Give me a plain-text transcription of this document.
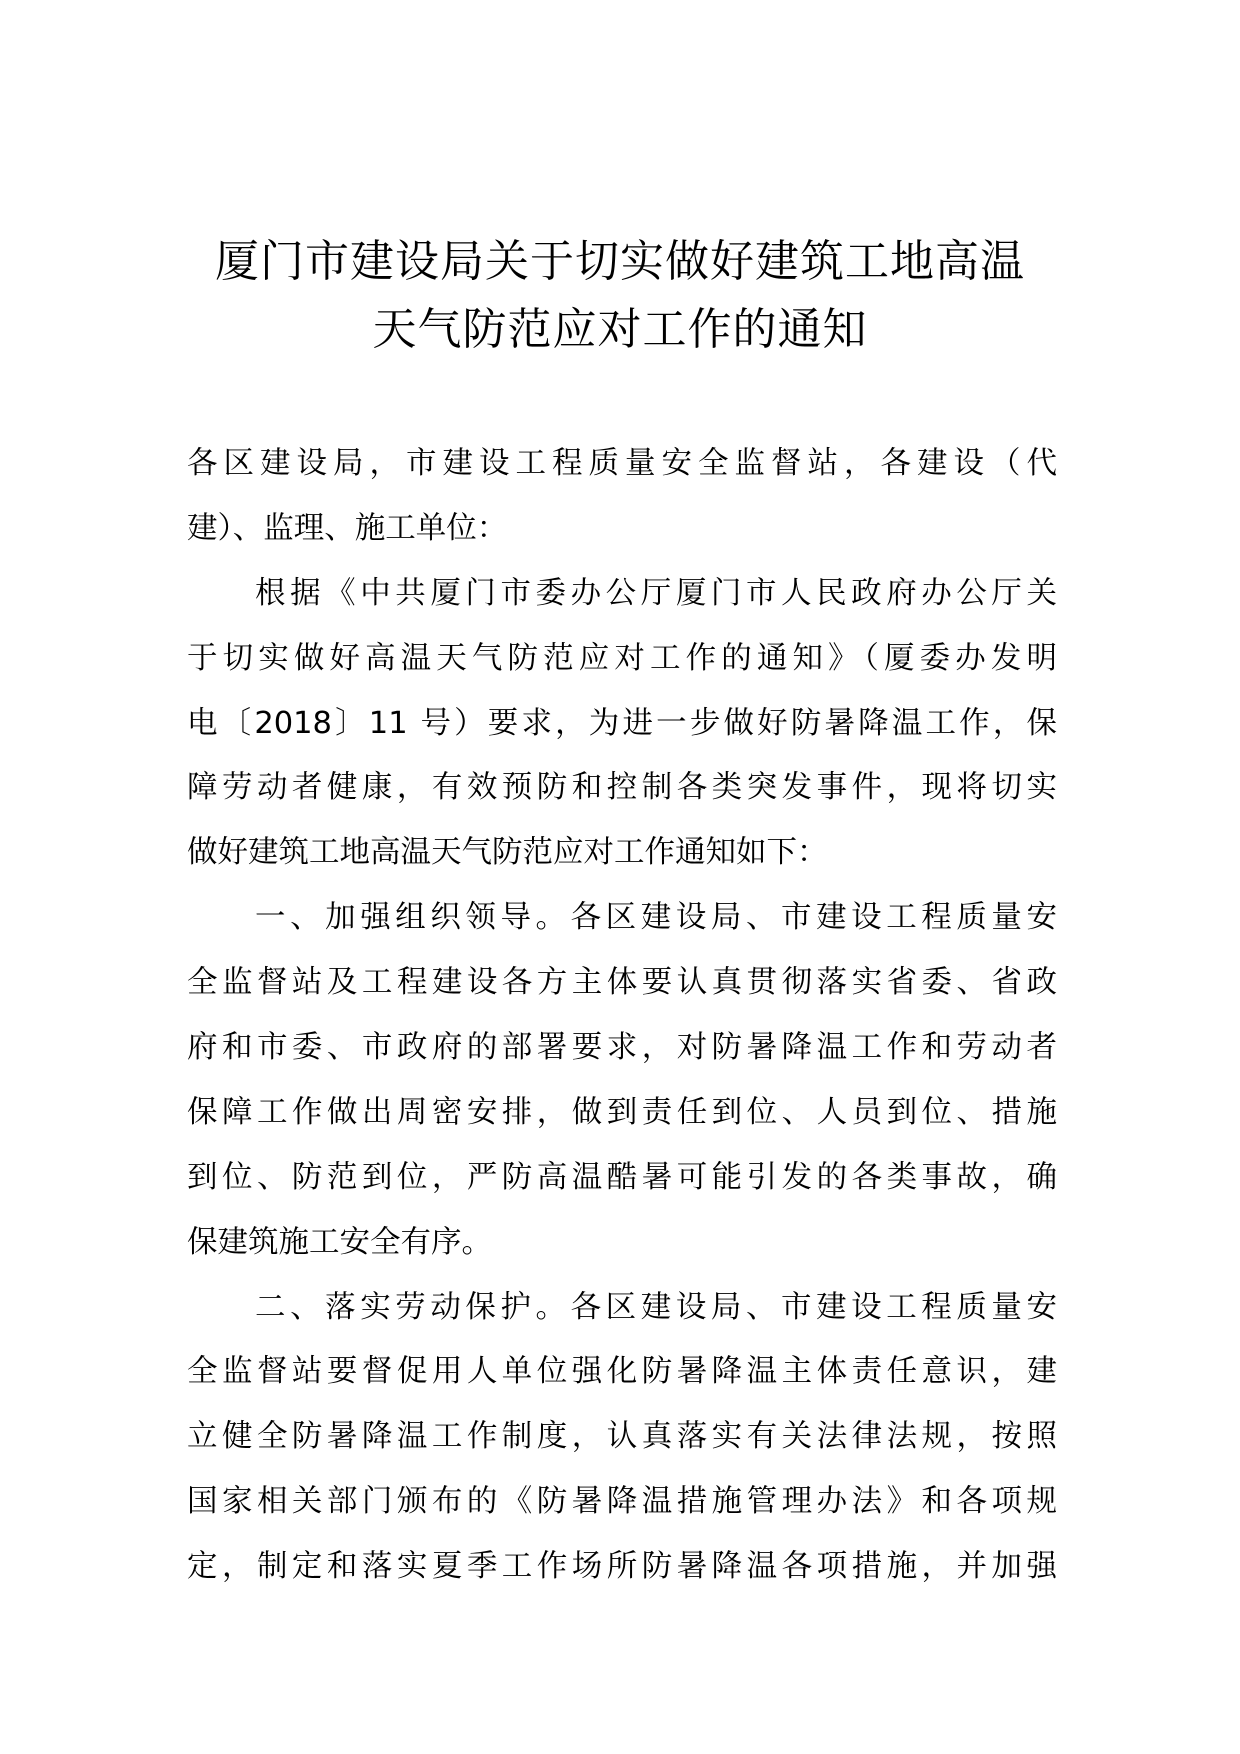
厦门市建设局关于切实做好建筑工地高温
天气防范应对工作的通知
各区建设局，市建设工程质量安全监督站，各建设（代
建）、监理、施工单位：
根据《中共厦门市委办公厅厦门市人民政府办公厅关
于切实做好高温天气防范应对工作的通知》（厦委办发明
电〔2018〕11 号）要求，为进一步做好防暑降温工作，保
障劳动者健康，有效预防和控制各类突发事件，现将切实
做好建筑工地高温天气防范应对工作通知如下：
一、加强组织领导。各区建设局、市建设工程质量安
全监督站及工程建设各方主体要认真贯彻落实省委、省政
府和市委、市政府的部署要求，对防暑降温工作和劳动者
保障工作做出周密安排，做到责任到位、人员到位、措施
到位、防范到位，严防高温酷暑可能引发的各类事故，确
保建筑施工安全有序。
二、落实劳动保护。各区建设局、市建设工程质量安
全监督站要督促用人单位强化防暑降温主体责任意识，建
立健全防暑降温工作制度，认真落实有关法律法规，按照
国家相关部门颁布的《防暑降温措施管理办法》和各项规
定，制定和落实夏季工作场所防暑降温各项措施，并加强
